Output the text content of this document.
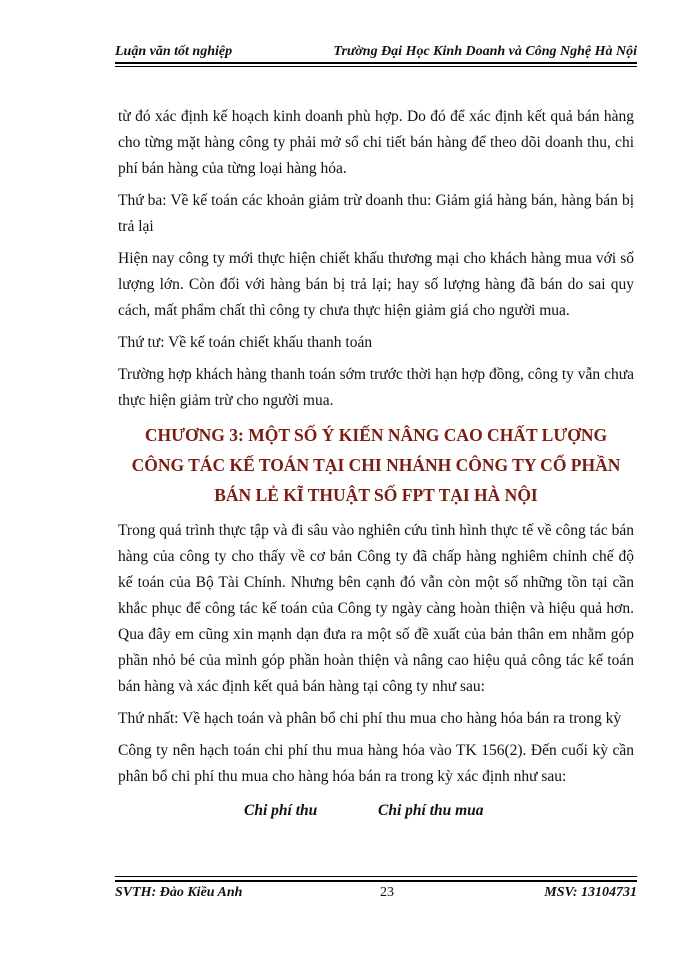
Luận văn tốt nghiệp	Trường Đại Học Kinh Doanh và Công Nghệ Hà Nội

từ đó xác định kế hoạch kinh doanh phù hợp. Do đó để xác định kết quả bán hàng cho từng mặt hàng công ty phải mở sổ chi tiết bán hàng để theo dõi doanh thu, chi phí bán hàng của từng loại hàng hóa.

Thứ ba: Về kế toán các khoản giảm trừ doanh thu: Giảm giá hàng bán, hàng bán bị trả lại

Hiện nay công ty mới thực hiện chiết khấu thương mại cho khách hàng mua với số lượng lớn. Còn đối với hàng bán bị trả lại; hay số lượng hàng đã bán do sai quy cách, mất phẩm chất thì công ty chưa thực hiện giảm giá cho người mua.

Thứ tư: Về kế toán chiết khấu thanh toán

Trường hợp khách hàng thanh toán sớm trước thời hạn hợp đồng, công ty vẫn chưa thực hiện giảm trừ cho người mua.

CHƯƠNG 3: MỘT SỐ Ý KIẾN NÂNG CAO CHẤT LƯỢNG CÔNG TÁC KẾ TOÁN TẠI CHI NHÁNH CÔNG TY CỔ PHẦN BÁN LẺ KĨ THUẬT SỐ FPT TẠI HÀ NỘI

Trong quá trình thực tập và đi sâu vào nghiên cứu tình hình thực tế về công tác bán hàng của công ty cho thấy về cơ bản Công ty đã chấp hàng nghiêm chỉnh chế độ kế toán của Bộ Tài Chính. Nhưng bên cạnh đó vẫn còn một số những tồn tại cần khắc phục để công tác kế toán của Công ty ngày càng hoàn thiện và hiệu quả hơn. Qua đây em cũng xin mạnh dạn đưa ra một số đề xuất của bản thân em nhằm góp phần nhỏ bé của mình góp phần hoàn thiện và nâng cao hiệu quả công tác kế toán bán hàng và xác định kết quả bán hàng tại công ty như sau:

Thứ nhất: Về hạch toán và phân bổ chi phí thu mua cho hàng hóa bán ra trong kỳ

Công ty nên hạch toán chi phí thu mua hàng hóa vào TK 156(2). Đến cuối kỳ cần phân bổ chi phí thu mua cho hàng hóa bán ra trong kỳ xác định như sau:

Chi phí thu	Chi phí thu mua
SVTH: Đào Kiều Anh	23	MSV: 13104731
